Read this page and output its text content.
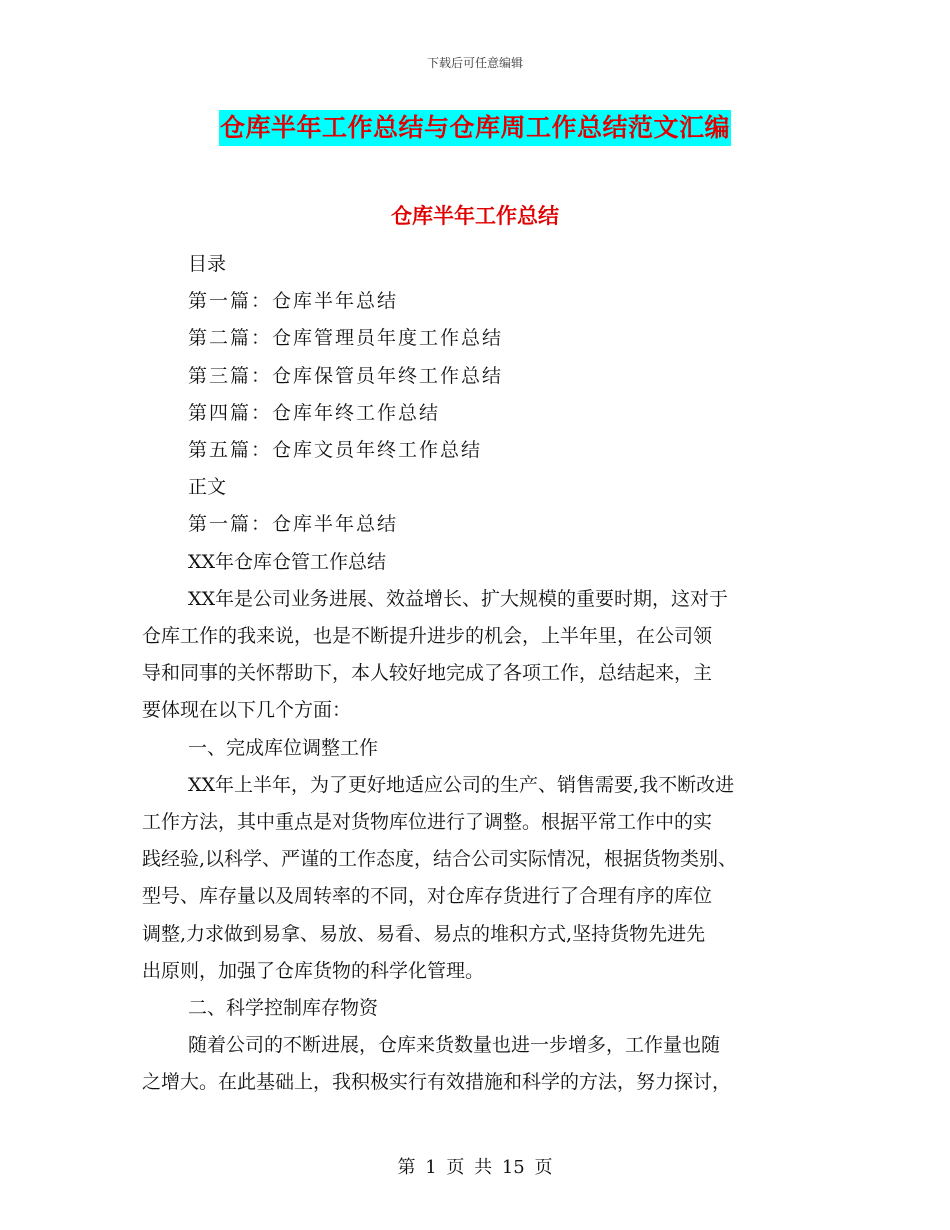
下载后可任意编辑
仓库半年工作总结与仓库周工作总结范文汇编
仓库半年工作总结
目录
第一篇：仓库半年总结
第二篇：仓库管理员年度工作总结
第三篇：仓库保管员年终工作总结
第四篇：仓库年终工作总结
第五篇：仓库文员年终工作总结
正文
第一篇：仓库半年总结
XX年仓库仓管工作总结
XX年是公司业务进展、效益增长、扩大规模的重要时期，这对于
仓库工作的我来说，也是不断提升进步的机会，上半年里，在公司领
导和同事的关怀帮助下，本人较好地完成了各项工作，总结起来，主
要体现在以下几个方面：
一、完成库位调整工作
XX年上半年，为了更好地适应公司的生产、销售需要,我不断改进
工作方法，其中重点是对货物库位进行了调整。根据平常工作中的实
践经验,以科学、严谨的工作态度，结合公司实际情况，根据货物类别、
型号、库存量以及周转率的不同，对仓库存货进行了合理有序的库位
调整,力求做到易拿、易放、易看、易点的堆积方式,坚持货物先进先
出原则，加强了仓库货物的科学化管理。
二、科学控制库存物资
随着公司的不断进展，仓库来货数量也进一步增多，工作量也随
之增大。在此基础上，我积极实行有效措施和科学的方法，努力探讨，
第 1 页 共 15 页
